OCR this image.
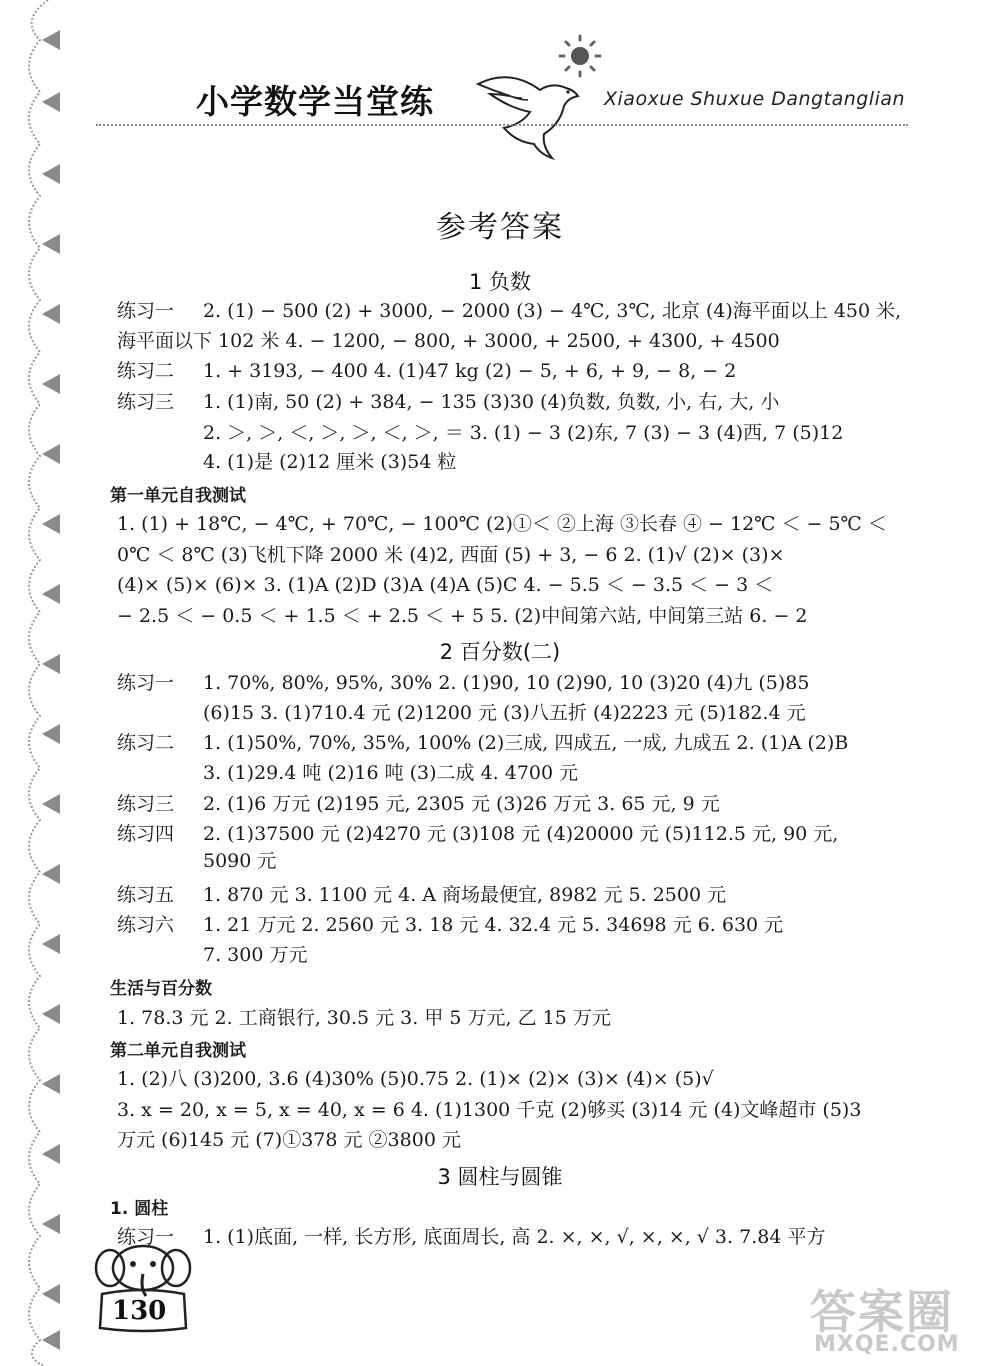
小学数学当堂练	Xiaoxue Shuxue Dangtanglian
参考答案
1 负数
练习一 2. (1) − 500 (2) + 3000, − 2000 (3) − 4℃, 3℃, 北京 (4)海平面以上 450 米,
海平面以下 102 米 4. − 1200, − 800, + 3000, + 2500, + 4300, + 4500
练习二 1. + 3193, − 400 4. (1)47 kg (2) − 5, + 6, + 9, − 8, − 2
练习三 1. (1)南, 50 (2) + 384, − 135 (3)30 (4)负数, 负数, 小, 右, 大, 小
2. ＞, ＞, ＜, ＞, ＞, ＜, ＞, ＝ 3. (1) − 3 (2)东, 7 (3) − 3 (4)西, 7 (5)12
4. (1)是 (2)12 厘米 (3)54 粒
第一单元自我测试
1. (1) + 18℃, − 4℃, + 70℃, − 100℃ (2)①＜ ②上海 ③长春 ④ − 12℃ ＜ − 5℃ ＜
0℃ ＜ 8℃ (3)飞机下降 2000 米 (4)2, 西面 (5) + 3, − 6 2. (1)√ (2)× (3)×
(4)× (5)× (6)× 3. (1)A (2)D (3)A (4)A (5)C 4. − 5.5 ＜ − 3.5 ＜ − 3 ＜
− 2.5 ＜ − 0.5 ＜ + 1.5 ＜ + 2.5 ＜ + 5 5. (2)中间第六站, 中间第三站 6. − 2
2 百分数(二)
练习一 1. 70%, 80%, 95%, 30% 2. (1)90, 10 (2)90, 10 (3)20 (4)九 (5)85
(6)15 3. (1)710.4 元 (2)1200 元 (3)八五折 (4)2223 元 (5)182.4 元
练习二 1. (1)50%, 70%, 35%, 100% (2)三成, 四成五, 一成, 九成五 2. (1)A (2)B
3. (1)29.4 吨 (2)16 吨 (3)二成 4. 4700 元
练习三 2. (1)6 万元 (2)195 元, 2305 元 (3)26 万元 3. 65 元, 9 元
练习四 2. (1)37500 元 (2)4270 元 (3)108 元 (4)20000 元 (5)112.5 元, 90 元,
5090 元
练习五 1. 870 元 3. 1100 元 4. A 商场最便宜, 8982 元 5. 2500 元
练习六 1. 21 万元 2. 2560 元 3. 18 元 4. 32.4 元 5. 34698 元 6. 630 元
7. 300 万元
生活与百分数
1. 78.3 元 2. 工商银行, 30.5 元 3. 甲 5 万元, 乙 15 万元
第二单元自我测试
1. (2)八 (3)200, 3.6 (4)30% (5)0.75 2. (1)× (2)× (3)× (4)× (5)√
3. x = 20, x = 5, x = 40, x = 6 4. (1)1300 千克 (2)够买 (3)14 元 (4)文峰超市 (5)3
万元 (6)145 元 (7)①378 元 ②3800 元
3 圆柱与圆锥
1. 圆柱
练习一 1. (1)底面, 一样, 长方形, 底面周长, 高 2. ×, ×, √, ×, ×, √ 3. 7.84 平方
130	答案圈
MXQE.COM
